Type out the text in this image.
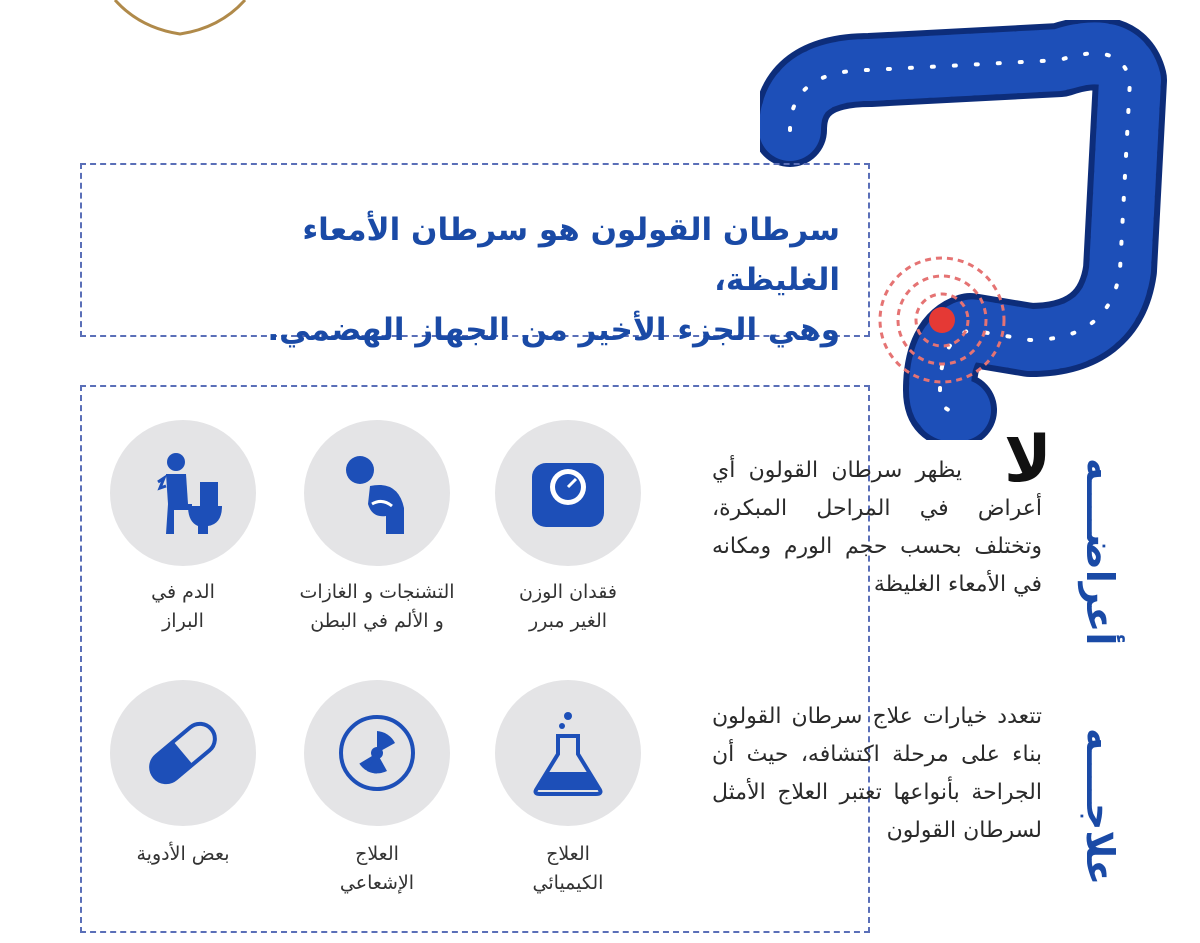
سرطان القولون هو سرطان الأمعاء الغليظة،
وهي الجزء الأخير من الجهاز الهضمي.
فقدان الوزن
الغير مبرر
التشنجات و الغازات
و الألم في البطن
الدم في
البراز
العلاج
الكيميائي
العلاج
الإشعاعي
بعض الأدوية
أعراضــــه
لا
يظهر سرطان القولون أي أعراض في المراحل المبكرة، وتختلف بحسب حجم الورم ومكانه في الأمعاء الغليظة
علاجــــه
تتعدد خيارات علاج سرطان القولون بناء على مرحلة اكتشافه، حيث أن الجراحة بأنواعها تعتبر العلاج الأمثل لسرطان القولون
